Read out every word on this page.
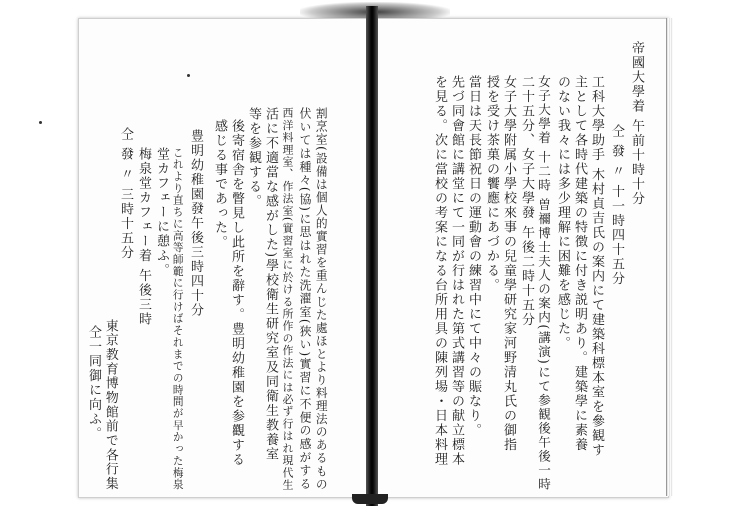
割烹室(設備は個人的實習を重んじた處ほとより料理法のあるもの
伏いては種々(協)に思はれた洗濯室(狹い)實習に不便の感がする
西洋料理室、作法室(實習室に於ける所作の作法には必ず行はれ現代生
活に不適當な感がした)學校衛生研究室及同衛生教養室
等を参観する。
後寄宿舎を瞥見し此所を辭す。豊明幼稚園を参觀する
感じる事であった。
豊明幼稚園發午後三時四十分
これより直ちに高等師範に行けばそれまでの時間が早かった梅泉
堂カフェーに憩ふ。
梅泉堂カフェー着 午後三時
仝 發 〃 三時十五分
東京教育博物館前で各行集
仝一同御に向ふ。
帝國大學着 午前十時十分
仝 發 〃 十一時四十五分
工科大學助手 木村貞吉氏の案内にて建築科標本室を參観す
主として各時代建築の特徴に付き説明あり。建築學に素養
のない我々には多少理解に困難を感じた。
女子大學着 十二時 曽禰博士夫人の案内(講演)にて参観後午後一時
二十五分、女子大學發 午後二時十五分
女子大學附属小學校來事の兒童學研究家河野清丸氏の御指
授を受け茶菓の饗應にあづかる。
當日は天長節祝日の運動會の練習中にて中々の賑なり。
先づ同會館に講堂にて一同が行はれた第式講習等の献立標本
を見る。次に當校の考案になる台所用具の陳列場・日本料理
